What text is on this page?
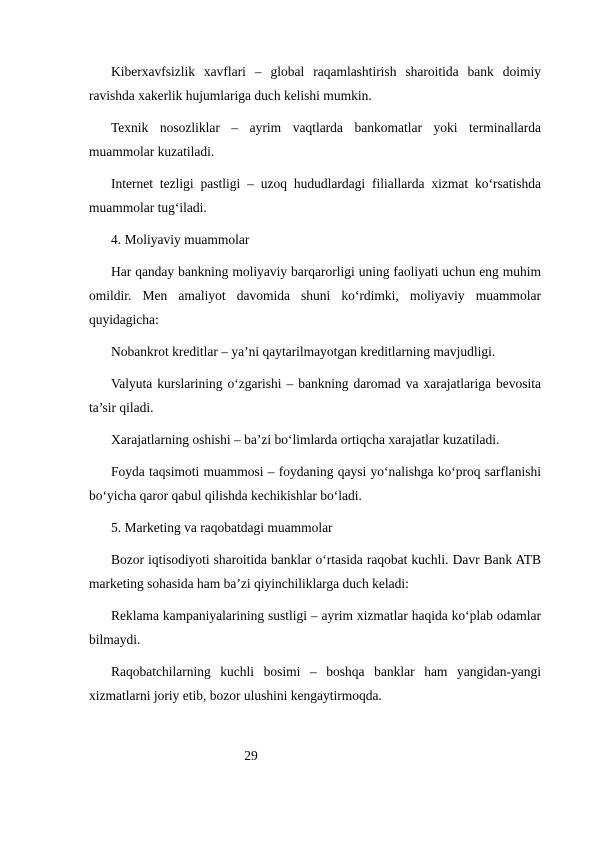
Kiberxavfsizlik xavflari – global raqamlashtirish sharoitida bank doimiy ravishda xakerlik hujumlariga duch kelishi mumkin.

Texnik nosozliklar – ayrim vaqtlarda bankomatlar yoki terminallarda muammolar kuzatiladi.

Internet tezligi pastligi – uzoq hududlardagi filiallarda xizmat ko‘rsatishda muammolar tug‘iladi.

4. Moliyaviy muammolar

Har qanday bankning moliyaviy barqarorligi uning faoliyati uchun eng muhim omildir. Men amaliyot davomida shuni ko‘rdimki, moliyaviy muammolar quyidagicha:

Nobankrot kreditlar – ya’ni qaytarilmayotgan kreditlarning mavjudligi.

Valyuta kurslarining o‘zgarishi – bankning daromad va xarajatlariga bevosita ta’sir qiladi.

Xarajatlarning oshishi – ba’zi bo‘limlarda ortiqcha xarajatlar kuzatiladi.

Foyda taqsimoti muammosi – foydaning qaysi yo‘nalishga ko‘proq sarflanishi bo‘yicha qaror qabul qilishda kechikishlar bo‘ladi.

5. Marketing va raqobatdagi muammolar

Bozor iqtisodiyoti sharoitida banklar o‘rtasida raqobat kuchli. Davr Bank ATB marketing sohasida ham ba’zi qiyinchiliklarga duch keladi:

Reklama kampaniyalarining sustligi – ayrim xizmatlar haqida ko‘plab odamlar bilmaydi.

Raqobatchilarning kuchli bosimi – boshqa banklar ham yangidan-yangi xizmatlarni joriy etib, bozor ulushini kengaytirmoqda.

29
